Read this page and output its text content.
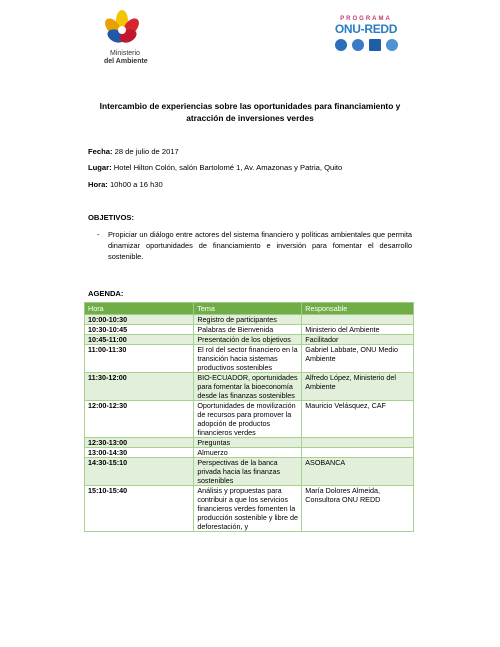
Ministerio
del Ambiente
PROGRAMA
ONU-REDD
Intercambio de experiencias sobre las oportunidades para financiamiento y atracción de inversiones verdes
Fecha: 28 de julio de 2017
Lugar: Hotel Hilton Colón, salón Bartolomé 1, Av. Amazonas y Patria, Quito
Hora: 10h00 a 16 h30
OBJETIVOS:
- Propiciar un diálogo entre actores del sistema financiero y políticas ambientales que permita dinamizar oportunidades de financiamiento e inversión para fomentar el desarrollo sostenible.
AGENDA:
Hora	Tema	Responsable
10:00-10:30	Registro de participantes	
10:30-10:45	Palabras de Bienvenida	Ministerio del Ambiente
10:45-11:00	Presentación de los objetivos	Facilitador
11:00-11:30	El rol del sector financiero en la transición hacia sistemas productivos sostenibles	Gabriel Labbate, ONU Medio Ambiente
11:30-12:00	BIO-ECUADOR, oportunidades para fomentar la bioeconomía desde las finanzas sostenibles	Alfredo López, Ministerio del Ambiente
12:00-12:30	Oportunidades de movilización de recursos para promover la adopción de productos financieros verdes	Mauricio Velásquez, CAF
12:30-13:00	Preguntas	
13:00-14:30	Almuerzo	
14:30-15:10	Perspectivas de la banca privada hacia las finanzas sostenibles	ASOBANCA
15:10-15:40	Análisis y propuestas para contribuir a que los servicios financieros verdes fomenten la producción sostenible y libre de deforestación, y	María Dolores Almeida, Consultora ONU REDD
